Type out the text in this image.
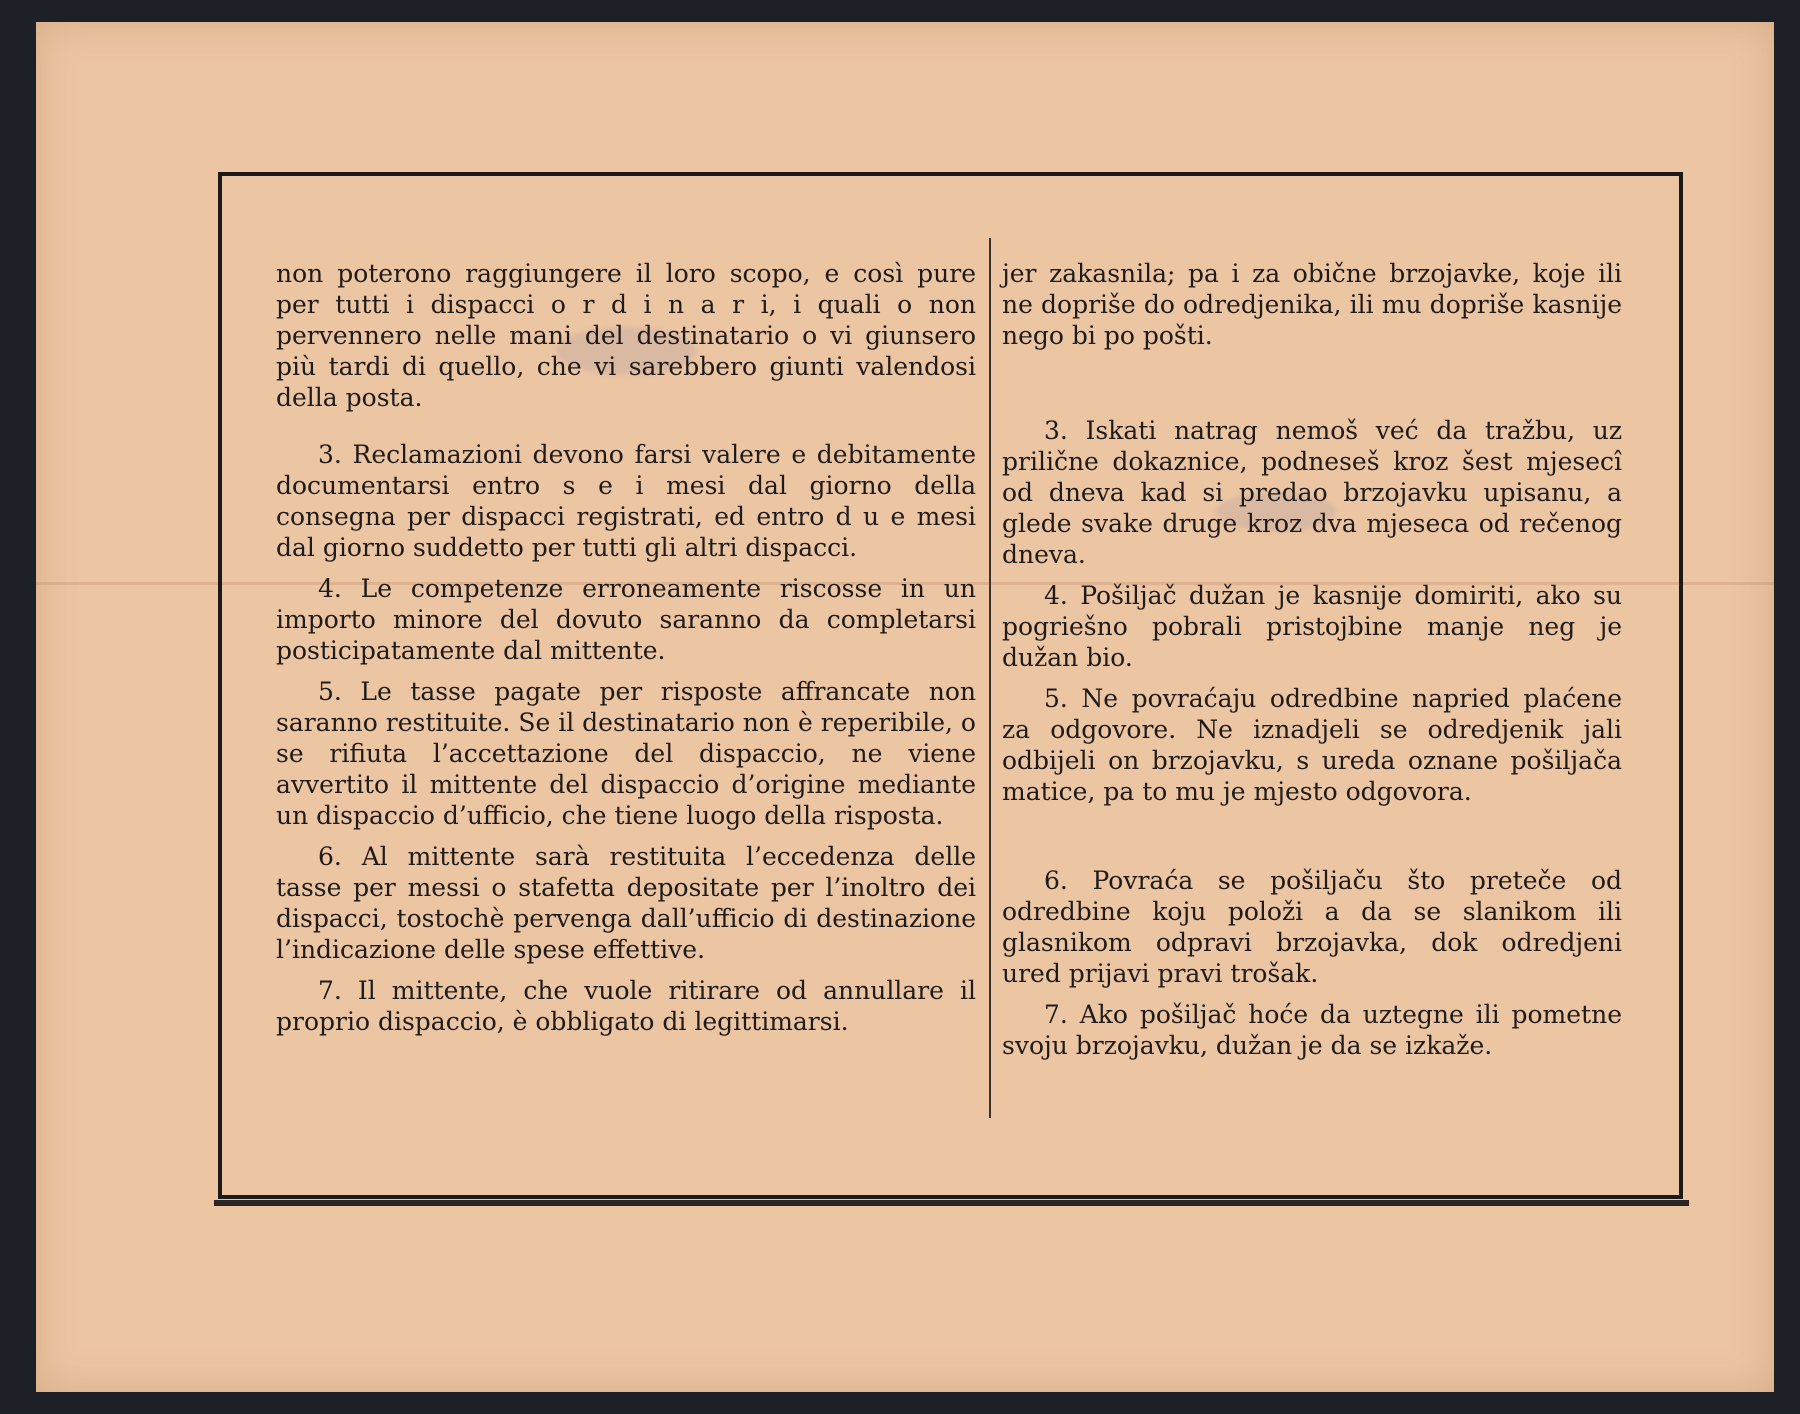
non poterono raggiungere il loro scopo, e così pure per tutti i dispacci o r d i n a r i, i quali o non pervennero nelle mani del destinatario o vi giunsero più tardi di quello, che vi sarebbero giunti valendosi della posta.

3. Reclamazioni devono farsi valere e debitamente documentarsi entro s e i mesi dal giorno della consegna per dispacci registrati, ed entro d u e mesi dal giorno suddetto per tutti gli altri dispacci.

4. Le competenze erroneamente riscosse in un importo minore del dovuto saranno da completarsi posticipatamente dal mittente.

5. Le tasse pagate per risposte affrancate non saranno restituite. Se il destinatario non è reperibile, o se rifiuta l’accettazione del dispaccio, ne viene avvertito il mittente del dispaccio d’origine mediante un dispaccio d’ufficio, che tiene luogo della risposta.

6. Al mittente sarà restituita l’eccedenza delle tasse per messi o stafetta depositate per l’inoltro dei dispacci, tostochè pervenga dall’ufficio di destinazione l’indicazione delle spese effettive.

7. Il mittente, che vuole ritirare od annullare il proprio dispaccio, è obbligato di legittimarsi.

jer zakasnila; pa i za obične brzojavke, koje ili ne dopriše do odredjenika, ili mu dopriše kasnije nego bi po pošti.

3. Iskati natrag nemoš već da tražbu, uz priličnе dokaznice, podneseš kroz šest mjesecî od dneva kad si predao brzojavku upisanu, a glede svake druge kroz dva mjeseca od rečenog dneva.

4. Pošiljač dužan je kasnije domiriti, ako su pogriešno pobrali pristojbine manje neg je dužan bio.

5. Ne povraćaju odredbine napried plaćene za odgovore. Ne iznadjeli se odredjenik jali odbijeli on brzojavku, s ureda oznane pošiljača matice, pa to mu je mjesto odgovora.

6. Povraća se pošiljaču što preteče od odredbine koju položi a da se slanikom ili glasnikom odpravi brzojavka, dok odredjeni ured prijavi pravi trošak.

7. Ako pošiljač hoće da uztegne ili pometne svoju brzojavku, dužan je da se izkaže.
